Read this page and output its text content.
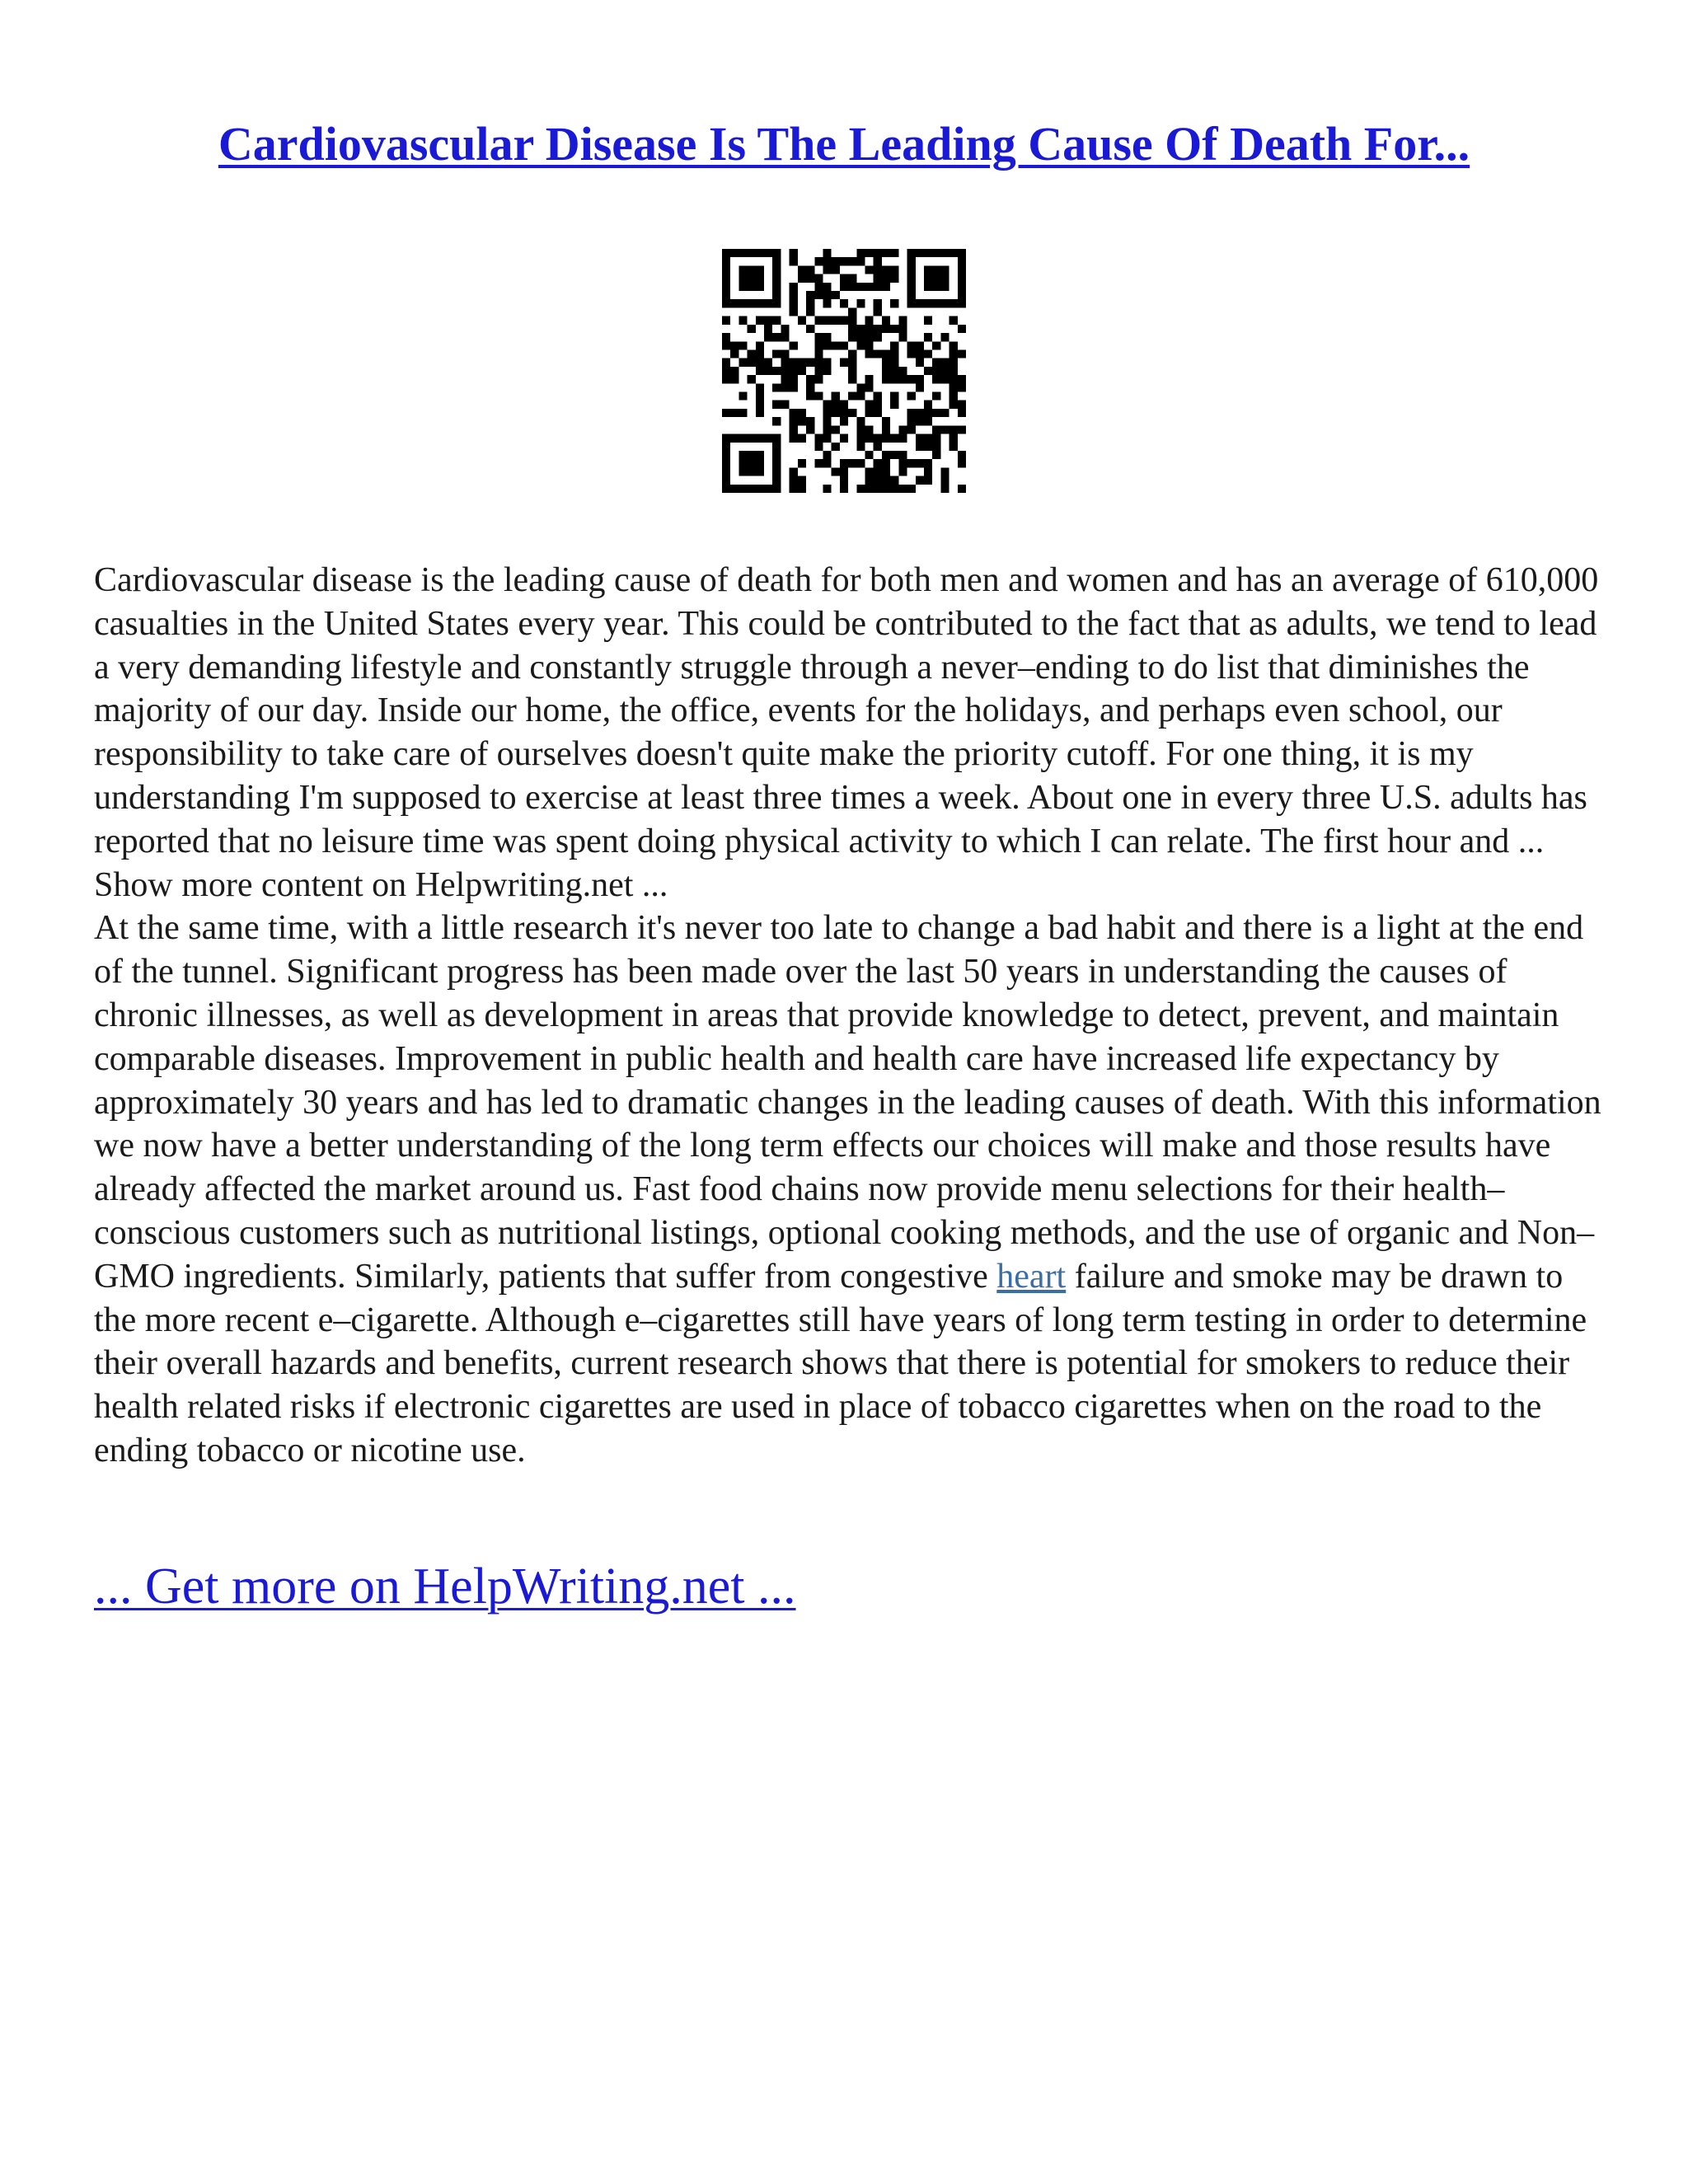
Cardiovascular Disease Is The Leading Cause Of Death For...

Cardiovascular disease is the leading cause of death for both men and women and has an average of 610,000 casualties in the United States every year. This could be contributed to the fact that as adults, we tend to lead a very demanding lifestyle and constantly struggle through a never–ending to do list that diminishes the majority of our day. Inside our home, the office, events for the holidays, and perhaps even school, our responsibility to take care of ourselves doesn't quite make the priority cutoff. For one thing, it is my understanding I'm supposed to exercise at least three times a week. About one in every three U.S. adults has reported that no leisure time was spent doing physical activity to which I can relate. The first hour and ... Show more content on Helpwriting.net ...

At the same time, with a little research it's never too late to change a bad habit and there is a light at the end of the tunnel. Significant progress has been made over the last 50 years in understanding the causes of chronic illnesses, as well as development in areas that provide knowledge to detect, prevent, and maintain comparable diseases. Improvement in public health and health care have increased life expectancy by approximately 30 years and has led to dramatic changes in the leading causes of death. With this information we now have a better understanding of the long term effects our choices will make and those results have already affected the market around us. Fast food chains now provide menu selections for their health–conscious customers such as nutritional listings, optional cooking methods, and the use of organic and Non–GMO ingredients. Similarly, patients that suffer from congestive heart failure and smoke may be drawn to the more recent e–cigarette. Although e–cigarettes still have years of long term testing in order to determine their overall hazards and benefits, current research shows that there is potential for smokers to reduce their health related risks if electronic cigarettes are used in place of tobacco cigarettes when on the road to the ending tobacco or nicotine use.

... Get more on HelpWriting.net ...
